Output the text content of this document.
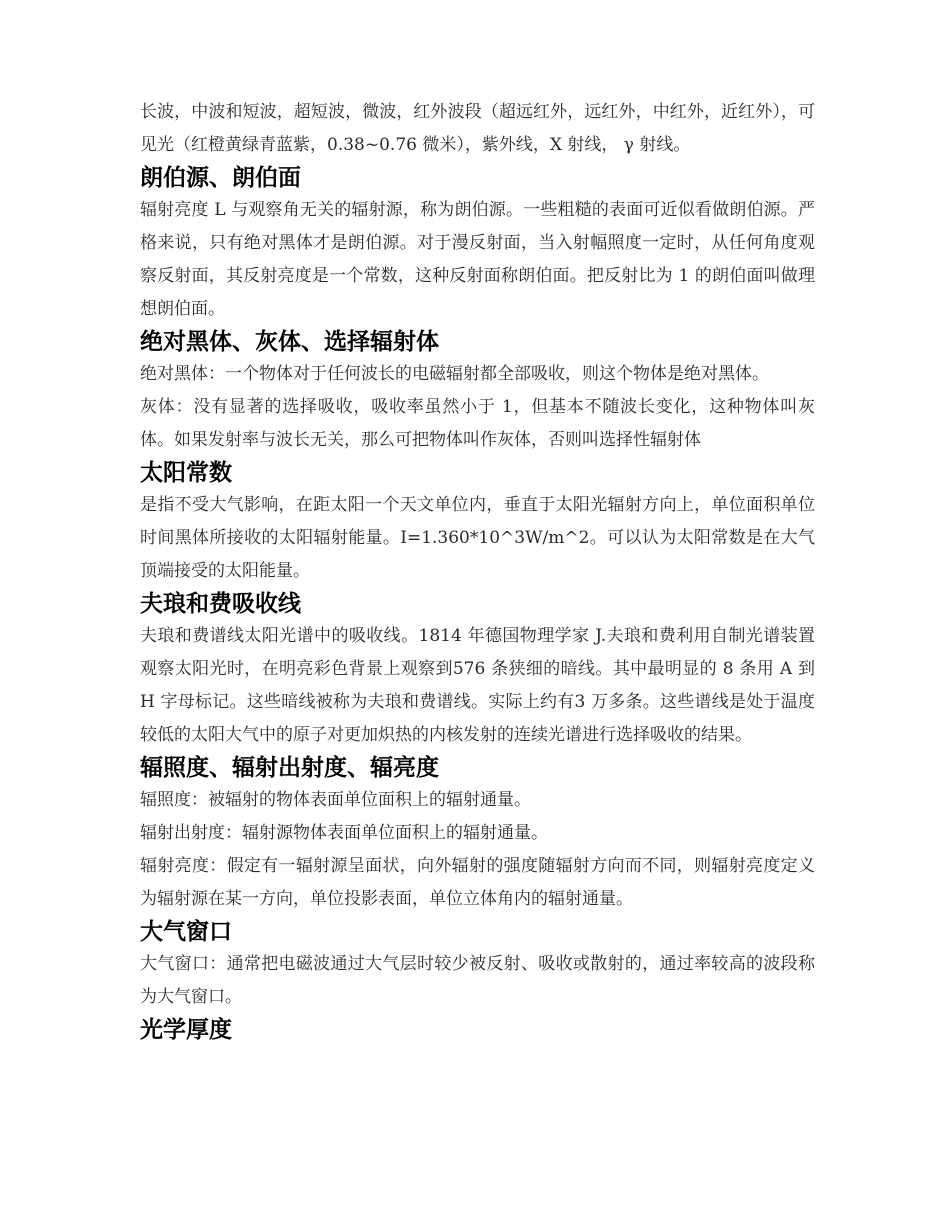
长波，中波和短波，超短波，微波，红外波段（超远红外，远红外，中红外，近红外），可见光（红橙黄绿青蓝紫，0.38~0.76 微米），紫外线，X 射线， γ 射线。

朗伯源、朗伯面

辐射亮度 L 与观察角无关的辐射源，称为朗伯源。一些粗糙的表面可近似看做朗伯源。严格来说，只有绝对黑体才是朗伯源。对于漫反射面，当入射幅照度一定时，从任何角度观察反射面，其反射亮度是一个常数，这种反射面称朗伯面。把反射比为 1 的朗伯面叫做理想朗伯面。

绝对黑体、灰体、选择辐射体

绝对黑体：一个物体对于任何波长的电磁辐射都全部吸收，则这个物体是绝对黑体。

灰体：没有显著的选择吸收，吸收率虽然小于 1，但基本不随波长变化，这种物体叫灰体。如果发射率与波长无关，那么可把物体叫作灰体，否则叫选择性辐射体

太阳常数

是指不受大气影响，在距太阳一个天文单位内，垂直于太阳光辐射方向上，单位面积单位时间黑体所接收的太阳辐射能量。I=1.360*10^3W/m^2。可以认为太阳常数是在大气顶端接受的太阳能量。

夫琅和费吸收线

夫琅和费谱线太阳光谱中的吸收线。1814 年德国物理学家 J.夫琅和费利用自制光谱装置观察太阳光时，在明亮彩色背景上观察到576 条狭细的暗线。其中最明显的 8 条用 A 到 H 字母标记。这些暗线被称为夫琅和费谱线。实际上约有3 万多条。这些谱线是处于温度较低的太阳大气中的原子对更加炽热的内核发射的连续光谱进行选择吸收的结果。

辐照度、辐射出射度、辐亮度

辐照度：被辐射的物体表面单位面积上的辐射通量。

辐射出射度：辐射源物体表面单位面积上的辐射通量。

辐射亮度：假定有一辐射源呈面状，向外辐射的强度随辐射方向而不同，则辐射亮度定义为辐射源在某一方向，单位投影表面，单位立体角内的辐射通量。

大气窗口

大气窗口：通常把电磁波通过大气层时较少被反射、吸收或散射的，通过率较高的波段称为大气窗口。

光学厚度
